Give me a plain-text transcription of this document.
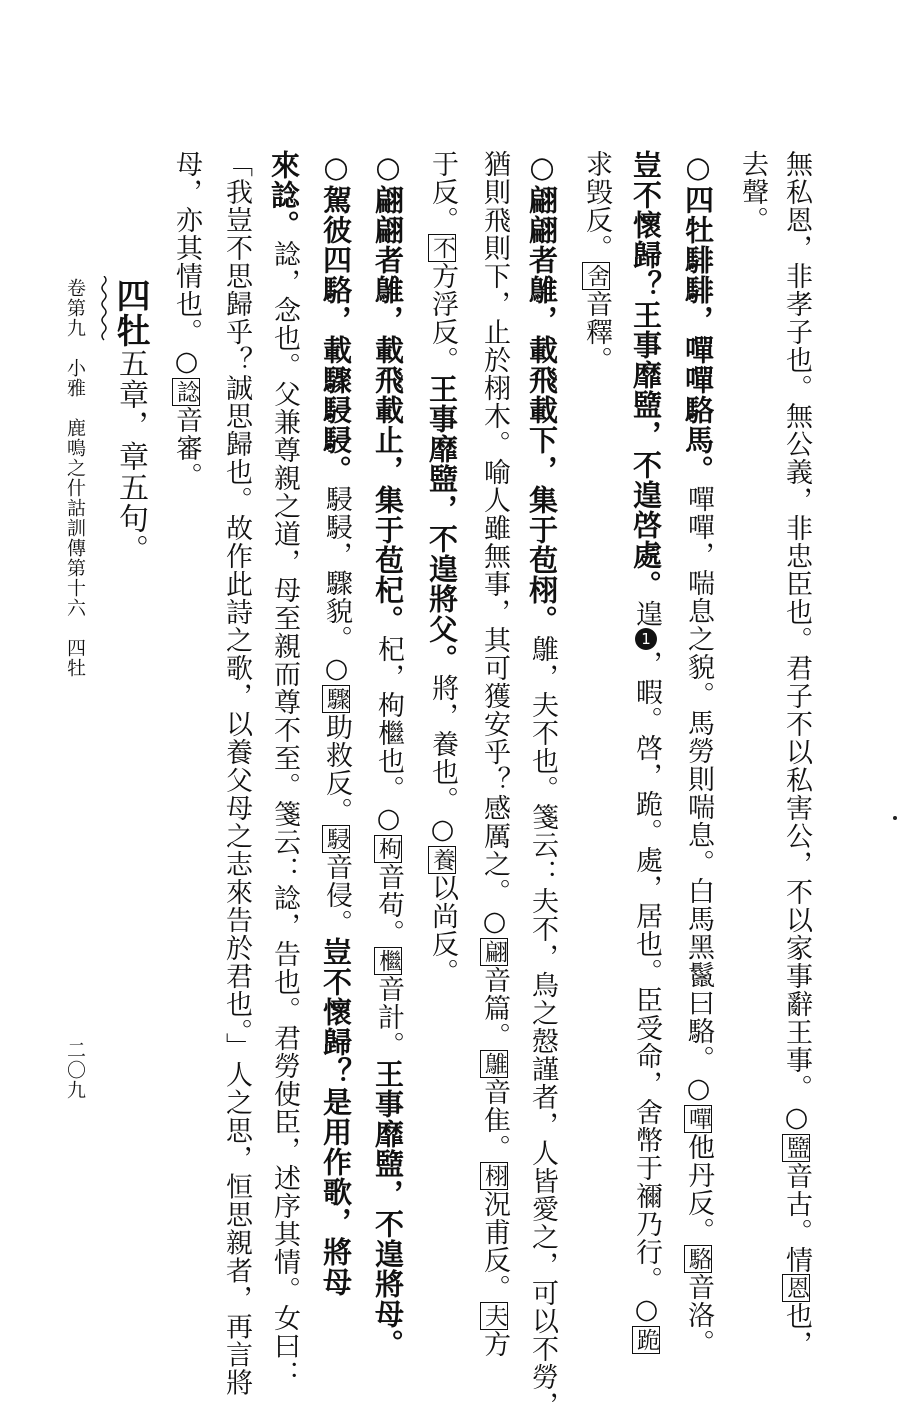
無私恩，非孝子也。無公義，非忠臣也。君子不以私害公，不以家事辭王事。○盬音古。情恩也，
去聲。
○四牡騑騑，嘽嘽駱馬。嘽嘽，喘息之貌。馬勞則喘息。白馬黑鬣曰駱。○嘽他丹反。駱音洛。
豈不懷歸？王事靡盬，不遑啓處。遑1，暇。啓，跪。處，居也。臣受命，舍幣于禰乃行。○跪
求毁反。舍音釋。
○翩翩者鵻，載飛載下，集于苞栩。鵻，夫不也。箋云：夫不，鳥之慤謹者，人皆愛之，可以不勞，
猶則飛則下，止於栩木。喻人雖無事，其可獲安乎？感厲之。○翩音篇。鵻音隹。栩況甫反。夫方
于反。不方浮反。王事靡盬，不遑將父。將，養也。○養以尚反。
○翩翩者鵻，載飛載止，集于苞杞。杞，枸檵也。○枸音苟。檵音計。王事靡盬，不遑將母。
○駕彼四駱，載驟駸駸。駸駸，驟貌。○驟助救反。駸音侵。豈不懷歸？是用作歌，將母
來諗。諗，念也。父兼尊親之道，母至親而尊不至。箋云：諗，告也。君勞使臣，述序其情。女曰：
「我豈不思歸乎？誠思歸也。故作此詩之歌，以養父母之志來告於君也。」人之思，恒思親者，再言將
母，亦其情也。○諗音審。
四牡五章，章五句。
卷第九　小雅　鹿鳴之什詁訓傳第十六　四牡
二〇九
